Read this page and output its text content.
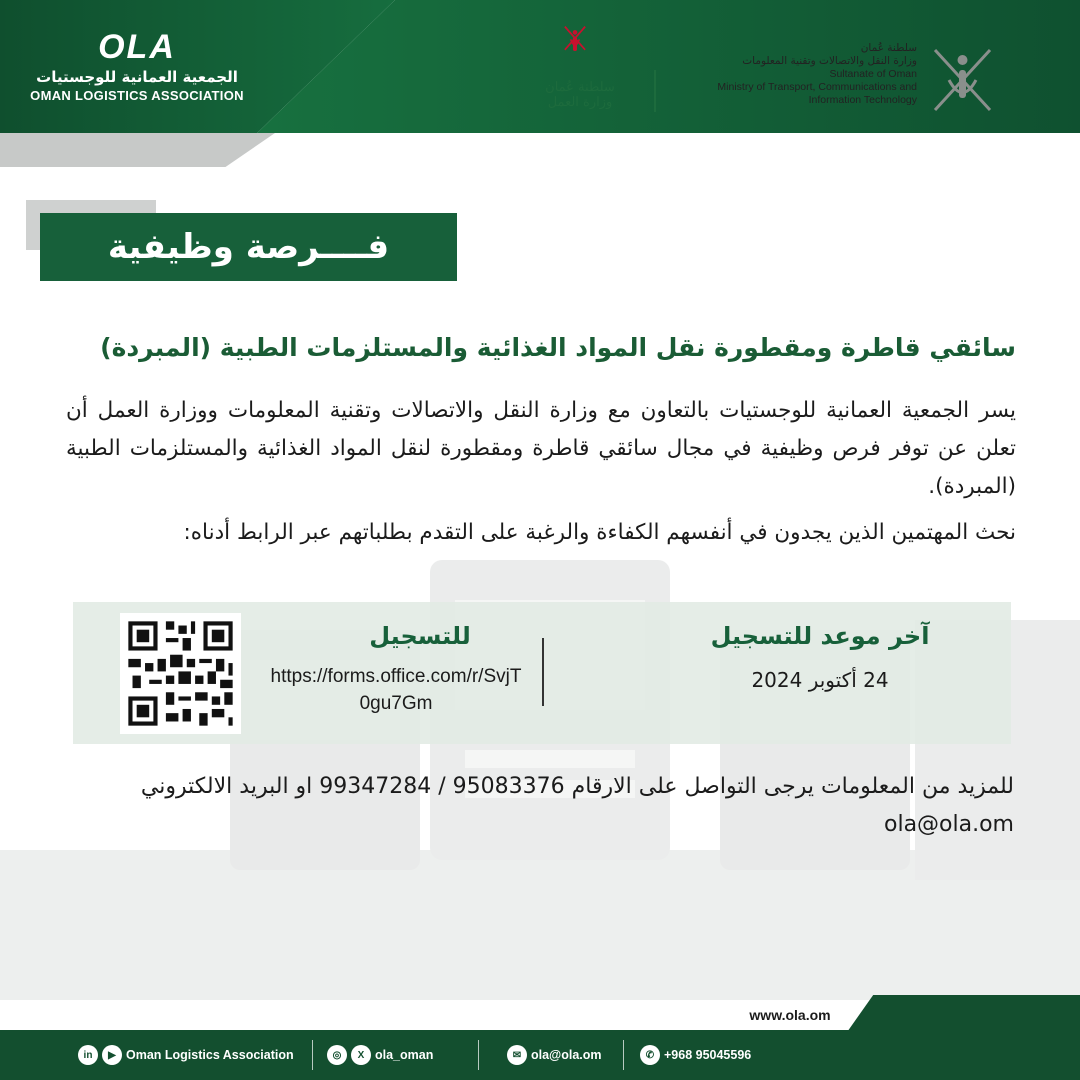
OLA
الجمعية العمانية للوجستيات
OMAN LOGISTICS ASSOCIATION
سلطنة عُمان
وزارة العمل
سلطنة عُمان
وزارة النقل والاتصالات وتقنية المعلومات
Sultanate of Oman
Ministry of Transport, Communications and
Information Technology
فــــرصة وظيفية
سائقي قاطرة ومقطورة نقل المواد الغذائية والمستلزمات الطبية (المبردة)
يسر الجمعية العمانية للوجستيات بالتعاون مع وزارة النقل والاتصالات وتقنية المعلومات ووزارة العمل أن تعلن عن توفر فرص وظيفية في مجال سائقي قاطرة ومقطورة لنقل المواد الغذائية والمستلزمات الطبية (المبردة).
نحث المهتمين الذين يجدون في أنفسهم الكفاءة والرغبة على التقدم بطلباتهم عبر الرابط أدناه:
آخر موعد للتسجيل
24 أكتوبر 2024
للتسجيل
https://forms.office.com/r/SvjT0gu7Gm
للمزيد من المعلومات يرجى التواصل على الارقام 95083376 / 99347284 او البريد الالكتروني ola@ola.om
www.ola.om
in	▶ Oman Logistics Association	◎	X ola_oman	✉ ola@ola.om	✆ +968 95045596
